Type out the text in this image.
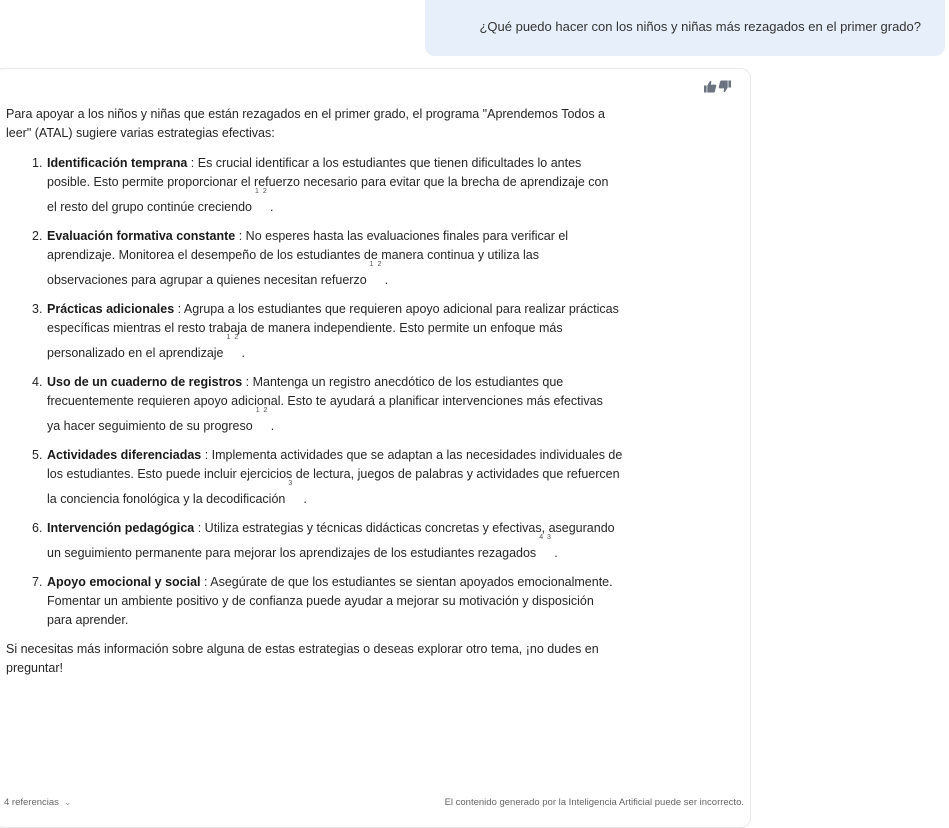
¿Qué puedo hacer con los niños y niñas más rezagados en el primer grado?

Para apoyar a los niños y niñas que están rezagados en el primer grado, el programa "Aprendemos Todos a
leer" (ATAL) sugiere varias estrategias efectivas:

1. Identificación temprana : Es crucial identificar a los estudiantes que tienen dificultades lo antes
posible. Esto permite proporcionar el refuerzo necesario para evitar que la brecha de aprendizaje con
el resto del grupo continúe creciendo
1 2
.
2. Evaluación formativa constante : No esperes hasta las evaluaciones finales para verificar el
aprendizaje. Monitorea el desempeño de los estudiantes de manera continua y utiliza las
observaciones para agrupar a quienes necesitan refuerzo
1 2
.
3. Prácticas adicionales : Agrupa a los estudiantes que requieren apoyo adicional para realizar prácticas
específicas mientras el resto trabaja de manera independiente. Esto permite un enfoque más
personalizado en el aprendizaje
1 2
.
4. Uso de un cuaderno de registros : Mantenga un registro anecdótico de los estudiantes que
frecuentemente requieren apoyo adicional. Esto te ayudará a planificar intervenciones más efectivas
ya hacer seguimiento de su progreso
1 2
.
5. Actividades diferenciadas : Implementa actividades que se adaptan a las necesidades individuales de
los estudiantes. Esto puede incluir ejercicios de lectura, juegos de palabras y actividades que refuercen
la conciencia fonológica y la decodificación
3
.
6. Intervención pedagógica : Utiliza estrategias y técnicas didácticas concretas y efectivas, asegurando
un seguimiento permanente para mejorar los aprendizajes de los estudiantes rezagados
4 3
.
7. Apoyo emocional y social : Asegúrate de que los estudiantes se sientan apoyados emocionalmente.
Fomentar un ambiente positivo y de confianza puede ayudar a mejorar su motivación y disposición
para aprender.

Si necesitas más información sobre alguna de estas estrategias o deseas explorar otro tema, ¡no dudes en
preguntar!

4 referencias ⌄	El contenido generado por la Inteligencia Artificial puede ser incorrecto.
